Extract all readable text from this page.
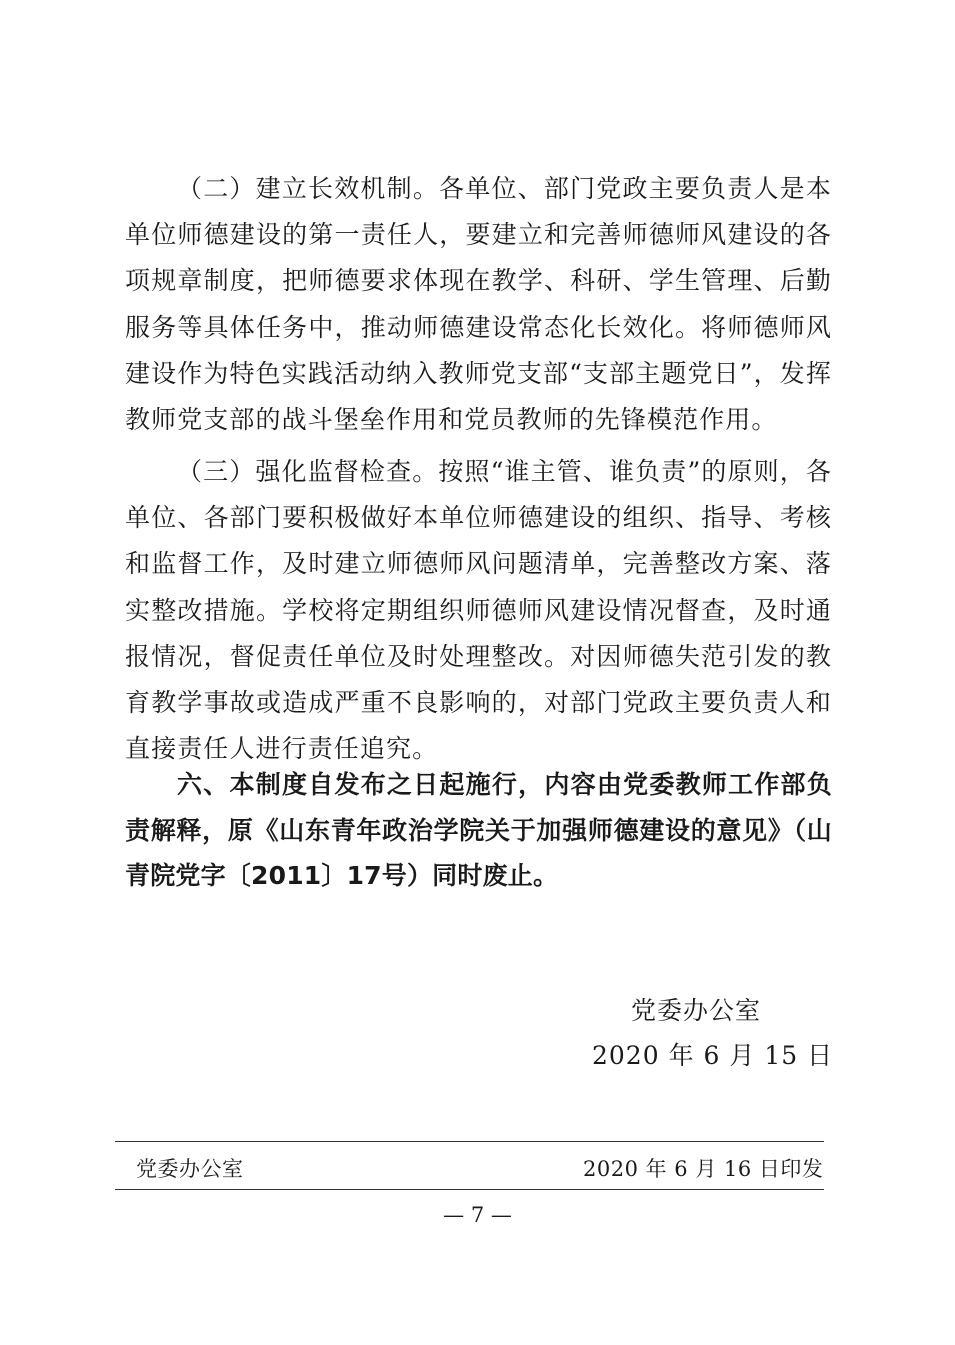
（二）建立长效机制。各单位、部门党政主要负责人是本单位师德建设的第一责任人，要建立和完善师德师风建设的各项规章制度，把师德要求体现在教学、科研、学生管理、后勤服务等具体任务中，推动师德建设常态化长效化。将师德师风建设作为特色实践活动纳入教师党支部“支部主题党日”，发挥教师党支部的战斗堡垒作用和党员教师的先锋模范作用。

（三）强化监督检查。按照“谁主管、谁负责”的原则，各单位、各部门要积极做好本单位师德建设的组织、指导、考核和监督工作，及时建立师德师风问题清单，完善整改方案、落实整改措施。学校将定期组织师德师风建设情况督查，及时通报情况，督促责任单位及时处理整改。对因师德失范引发的教育教学事故或造成严重不良影响的，对部门党政主要负责人和直接责任人进行责任追究。

六、本制度自发布之日起施行，内容由党委教师工作部负责解释，原《山东青年政治学院关于加强师德建设的意见》（山青院党字〔2011〕17号）同时废止。

党委办公室
2020 年 6 月 15 日
党委办公室	2020 年 6 月 16 日印发
— 7 —
